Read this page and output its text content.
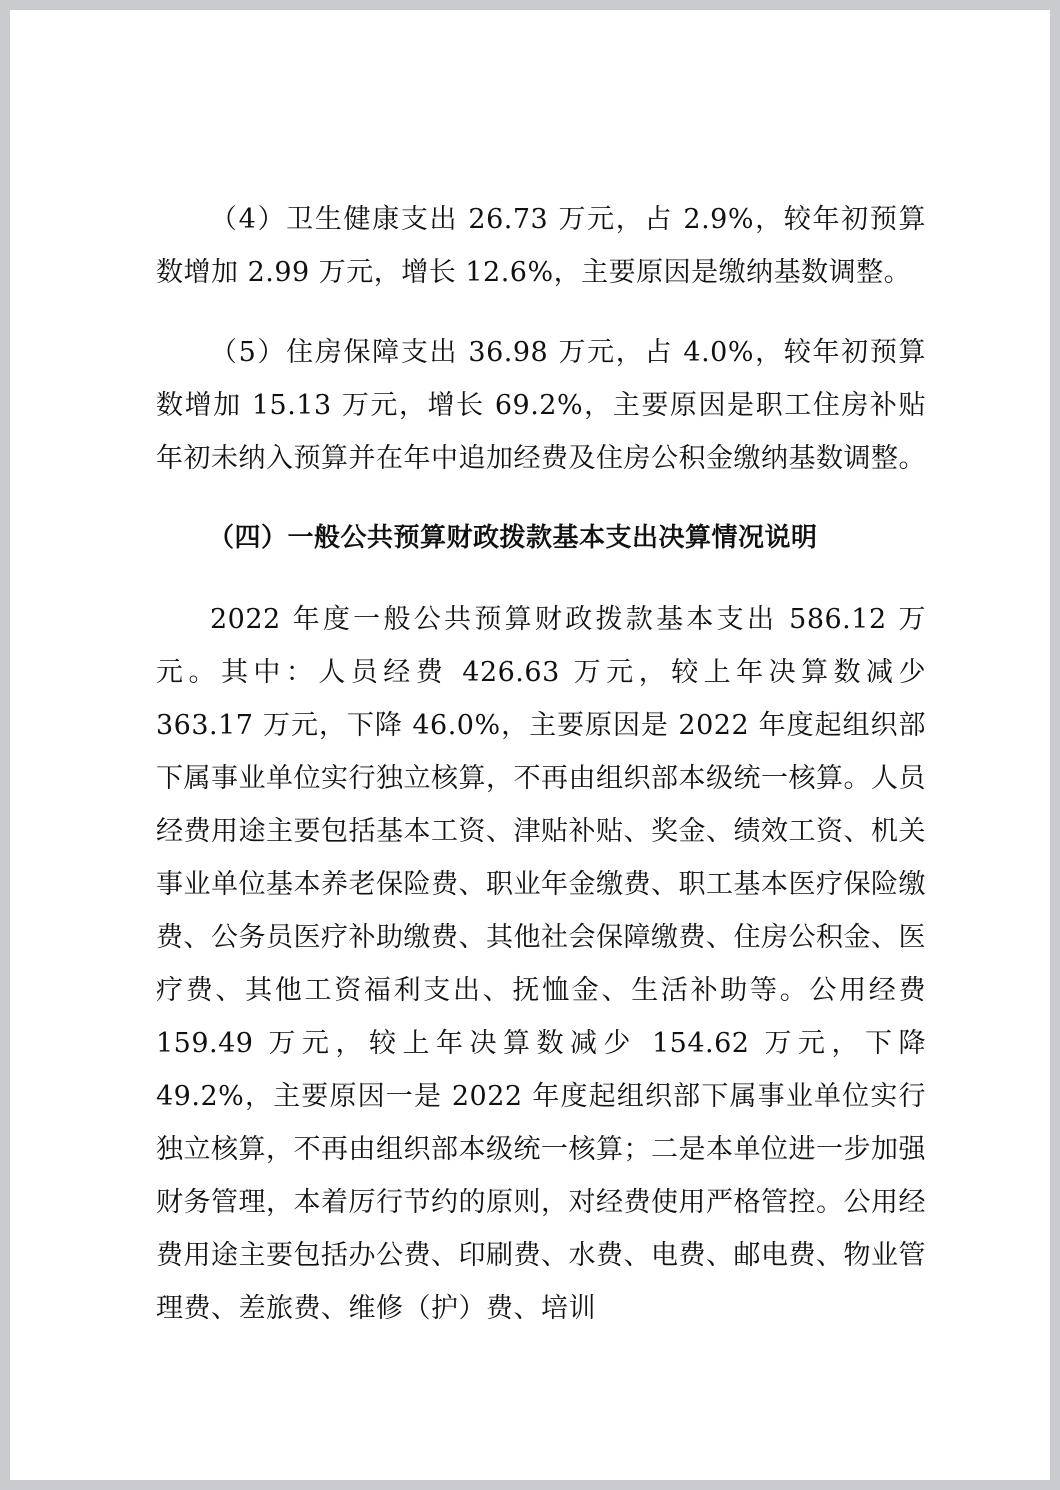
（4）卫生健康支出 26.73 万元，占 2.9%，较年初预算数增加 2.99 万元，增长 12.6%，主要原因是缴纳基数调整。

（5）住房保障支出 36.98 万元，占 4.0%，较年初预算数增加 15.13 万元，增长 69.2%，主要原因是职工住房补贴年初未纳入预算并在年中追加经费及住房公积金缴纳基数调整。

（四）一般公共预算财政拨款基本支出决算情况说明

2022 年度一般公共预算财政拨款基本支出 586.12 万元。其中：人员经费 426.63 万元，较上年决算数减少 363.17 万元，下降 46.0%，主要原因是 2022 年度起组织部下属事业单位实行独立核算，不再由组织部本级统一核算。人员经费用途主要包括基本工资、津贴补贴、奖金、绩效工资、机关事业单位基本养老保险费、职业年金缴费、职工基本医疗保险缴费、公务员医疗补助缴费、其他社会保障缴费、住房公积金、医疗费、其他工资福利支出、抚恤金、生活补助等。公用经费 159.49 万元，较上年决算数减少 154.62 万元，下降 49.2%，主要原因一是 2022 年度起组织部下属事业单位实行独立核算，不再由组织部本级统一核算；二是本单位进一步加强财务管理，本着厉行节约的原则，对经费使用严格管控。公用经费用途主要包括办公费、印刷费、水费、电费、邮电费、物业管理费、差旅费、维修（护）费、培训
